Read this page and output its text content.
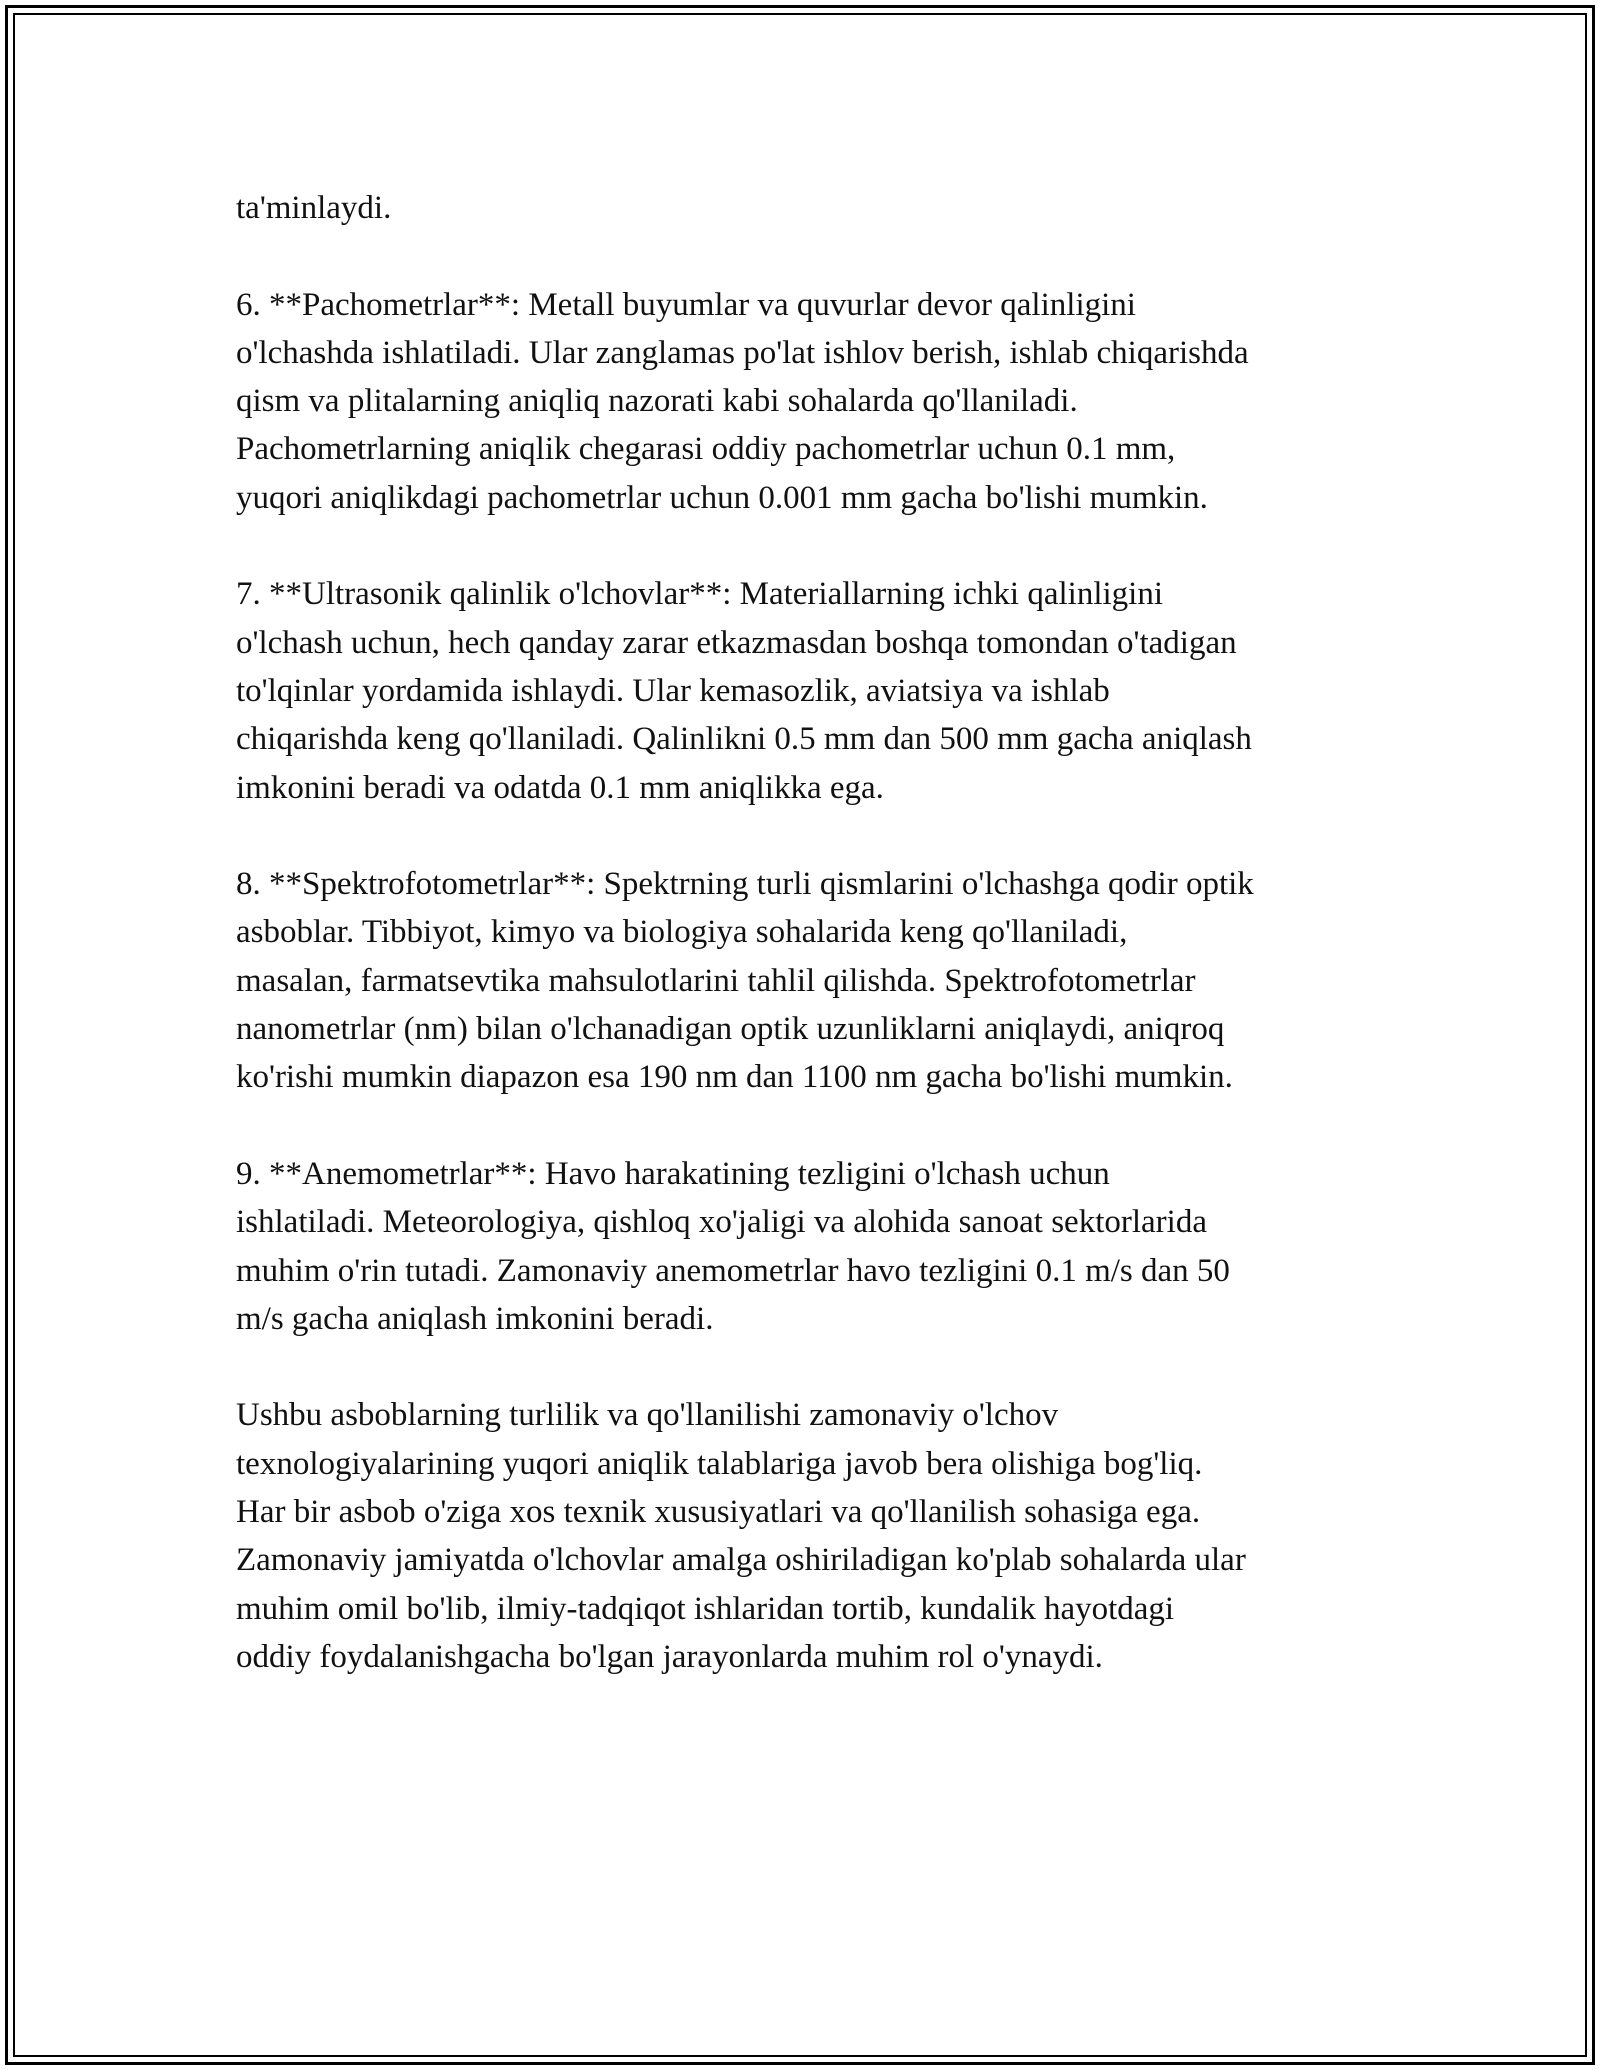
ta'minlaydi.

6. **Pachometrlar**: Metall buyumlar va quvurlar devor qalinligini
o'lchashda ishlatiladi. Ular zanglamas po'lat ishlov berish, ishlab chiqarishda
qism va plitalarning aniqliq nazorati kabi sohalarda qo'llaniladi.
Pachometrlarning aniqlik chegarasi oddiy pachometrlar uchun 0.1 mm,
yuqori aniqlikdagi pachometrlar uchun 0.001 mm gacha bo'lishi mumkin.

7. **Ultrasonik qalinlik o'lchovlar**: Materiallarning ichki qalinligini
o'lchash uchun, hech qanday zarar etkazmasdan boshqa tomondan o'tadigan
to'lqinlar yordamida ishlaydi. Ular kemasozlik, aviatsiya va ishlab
chiqarishda keng qo'llaniladi. Qalinlikni 0.5 mm dan 500 mm gacha aniqlash
imkonini beradi va odatda 0.1 mm aniqlikka ega.

8. **Spektrofotometrlar**: Spektrning turli qismlarini o'lchashga qodir optik
asboblar. Tibbiyot, kimyo va biologiya sohalarida keng qo'llaniladi,
masalan, farmatsevtika mahsulotlarini tahlil qilishda. Spektrofotometrlar
nanometrlar (nm) bilan o'lchanadigan optik uzunliklarni aniqlaydi, aniqroq
ko'rishi mumkin diapazon esa 190 nm dan 1100 nm gacha bo'lishi mumkin.

9. **Anemometrlar**: Havo harakatining tezligini o'lchash uchun
ishlatiladi. Meteorologiya, qishloq xo'jaligi va alohida sanoat sektorlarida
muhim o'rin tutadi. Zamonaviy anemometrlar havo tezligini 0.1 m/s dan 50
m/s gacha aniqlash imkonini beradi.

Ushbu asboblarning turlilik va qo'llanilishi zamonaviy o'lchov
texnologiyalarining yuqori aniqlik talablariga javob bera olishiga bog'liq.
Har bir asbob o'ziga xos texnik xususiyatlari va qo'llanilish sohasiga ega.
Zamonaviy jamiyatda o'lchovlar amalga oshiriladigan ko'plab sohalarda ular
muhim omil bo'lib, ilmiy-tadqiqot ishlaridan tortib, kundalik hayotdagi
oddiy foydalanishgacha bo'lgan jarayonlarda muhim rol o'ynaydi.
